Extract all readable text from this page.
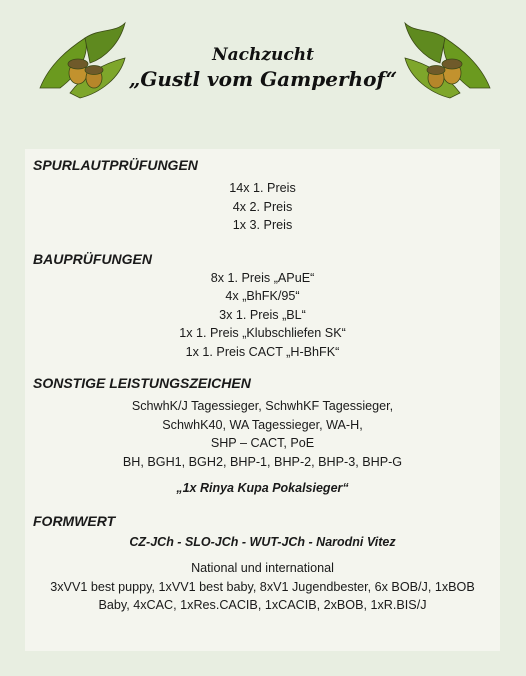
Nachzucht
„Gustl vom Gamperhof“
SPURLAUTPRÜFUNGEN
14x 1. Preis
4x 2. Preis
1x 3. Preis
BAUPRÜFUNGEN
8x 1. Preis „APuE“
4x „BhFK/95“
3x 1. Preis „BL“
1x 1. Preis „Klubschliefen SK“
1x 1. Preis CACT „H-BhFK“
SONSTIGE LEISTUNGSZEICHEN
SchwhK/J Tagessieger, SchwhKF Tagessieger,
SchwhK40, WA Tagessieger, WA-H,
SHP – CACT, PoE
BH, BGH1, BGH2, BHP-1, BHP-2, BHP-3, BHP-G
„1x Rinya Kupa Pokalsieger“
FORMWERT
CZ-JCh - SLO-JCh - WUT-JCh - Narodni Vitez
National und international
3xVV1 best puppy, 1xVV1 best baby, 8xV1 Jugendbester, 6x BOB/J, 1xBOB
Baby, 4xCAC, 1xRes.CACIB, 1xCACIB, 2xBOB, 1xR.BIS/J
